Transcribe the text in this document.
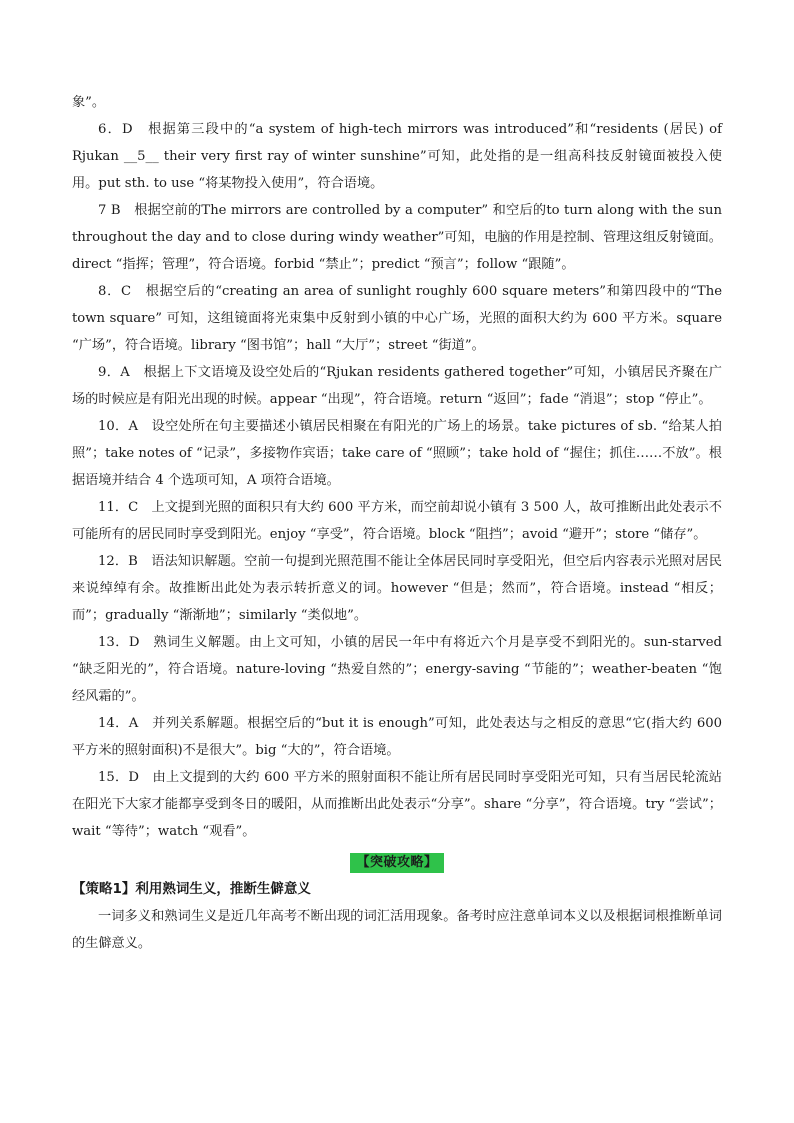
象”。

6．D　根据第三段中的“a system of high-tech mirrors was introduced”和“residents (居民) of Rjukan __5__ their very first ray of winter sunshine”可知，此处指的是一组高科技反射镜面被投入使用。put sth. to use “将某物投入使用”，符合语境。

7 B　根据空前的The mirrors are controlled by a computer” 和空后的to turn along with the sun throughout the day and to close during windy weather”可知，电脑的作用是控制、管理这组反射镜面。direct “指挥；管理”，符合语境。forbid “禁止”；predict “预言”；follow “跟随”。

8．C　根据空后的“creating an area of sunlight roughly 600 square meters”和第四段中的“The town square” 可知，这组镜面将光束集中反射到小镇的中心广场，光照的面积大约为 600 平方米。square “广场”，符合语境。library “图书馆”；hall “大厅”；street “街道”。

9．A　根据上下文语境及设空处后的“Rjukan residents gathered together”可知，小镇居民齐聚在广场的时候应是有阳光出现的时候。appear “出现”，符合语境。return “返回”；fade “消退”；stop “停止”。

10．A　设空处所在句主要描述小镇居民相聚在有阳光的广场上的场景。take pictures of sb. “给某人拍照”；take notes of “记录”，多接物作宾语；take care of “照顾”；take hold of “握住；抓住……不放”。根据语境并结合 4 个选项可知，A 项符合语境。

11．C　上文提到光照的面积只有大约 600 平方米，而空前却说小镇有 3 500 人，故可推断出此处表示不可能所有的居民同时享受到阳光。enjoy “享受”，符合语境。block “阻挡”；avoid “避开”；store “储存”。

12．B　语法知识解题。空前一句提到光照范围不能让全体居民同时享受阳光，但空后内容表示光照对居民来说绰绰有余。故推断出此处为表示转折意义的词。however “但是；然而”，符合语境。instead “相反；而”；gradually “渐渐地”；similarly “类似地”。

13．D　熟词生义解题。由上文可知，小镇的居民一年中有将近六个月是享受不到阳光的。sun-starved “缺乏阳光的”，符合语境。nature-loving “热爱自然的”；energy-saving “节能的”；weather-beaten “饱经风霜的”。

14．A　并列关系解题。根据空后的“but it is enough”可知，此处表达与之相反的意思“它(指大约 600 平方米的照射面积)不是很大”。big “大的”，符合语境。

15．D　由上文提到的大约 600 平方米的照射面积不能让所有居民同时享受阳光可知，只有当居民轮流站在阳光下大家才能都享受到冬日的暖阳，从而推断出此处表示“分享”。share “分享”，符合语境。try “尝试”；wait “等待”；watch “观看”。

【突破攻略】

【策略1】利用熟词生义，推断生僻意义

一词多义和熟词生义是近几年高考不断出现的词汇活用现象。备考时应注意单词本义以及根据词根推断单词的生僻意义。
